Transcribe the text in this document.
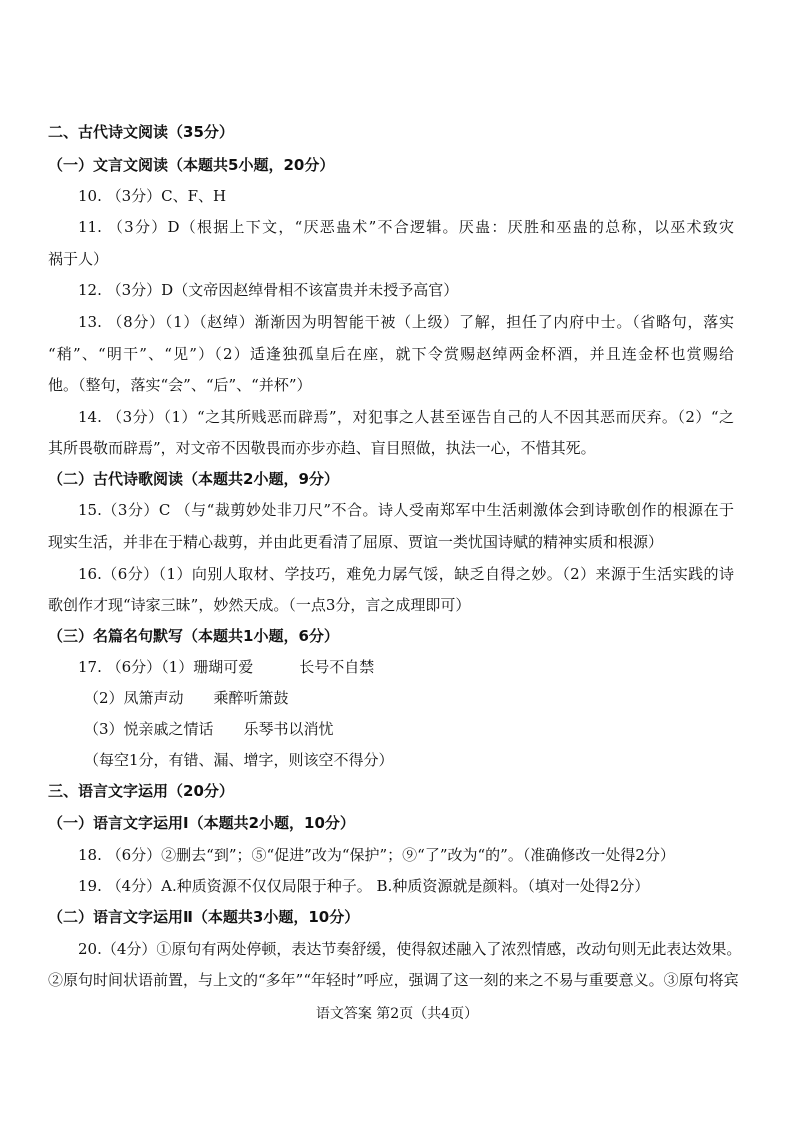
二、古代诗文阅读（35分）
（一）文言文阅读（本题共5小题，20分）
10. （3分）C、F、H
11. （3分）D（根据上下文，“厌恶蛊术”不合逻辑。厌蛊：厌胜和巫蛊的总称，以巫术致灾
祸于人）
12. （3分）D（文帝因赵绰骨相不该富贵并未授予高官）
13. （8分）（1）（赵绰）渐渐因为明智能干被（上级）了解，担任了内府中士。（省略句，落实
“稍”、“明干”、“见”）（2）适逢独孤皇后在座，就下令赏赐赵绰两金杯酒，并且连金杯也赏赐给
他。（整句，落实“会”、“后”、“并杯”）
14. （3分）（1）“之其所贱恶而辟焉”，对犯事之人甚至诬告自己的人不因其恶而厌弃。（2）“之
其所畏敬而辟焉”，对文帝不因敬畏而亦步亦趋、盲目照做，执法一心，不惜其死。
（二）古代诗歌阅读（本题共2小题，9分）
15.（3分）C （与“裁剪妙处非刀尺”不合。诗人受南郑军中生活刺激体会到诗歌创作的根源在于
现实生活，并非在于精心裁剪，并由此更看清了屈原、贾谊一类忧国诗赋的精神实质和根源）
16.（6分）（1）向别人取材、学技巧，难免力孱气馁，缺乏自得之妙。（2）来源于生活实践的诗
歌创作才现“诗家三昧”，妙然天成。（一点3分，言之成理即可）
（三）名篇名句默写（本题共1小题，6分）
17. （6分）（1）珊瑚可爱	长号不自禁
（2）凤箫声动 乘醉听箫鼓
（3）悦亲戚之情话 乐琴书以消忧
（每空1分，有错、漏、增字，则该空不得分）
三、语言文字运用（20分）
（一）语言文字运用Ⅰ（本题共2小题，10分）
18. （6分）②删去“到”；⑤“促进”改为“保护”；⑨“了”改为“的”。（准确修改一处得2分）
19. （4分）A.种质资源不仅仅局限于种子。 B.种质资源就是颜料。（填对一处得2分）
（二）语言文字运用Ⅱ（本题共3小题，10分）
20.（4分）①原句有两处停顿，表达节奏舒缓，使得叙述融入了浓烈情感，改动句则无此表达效果。
②原句时间状语前置，与上文的“多年”“年轻时”呼应，强调了这一刻的来之不易与重要意义。③原句将宾
语文答案 第2页（共4页）
